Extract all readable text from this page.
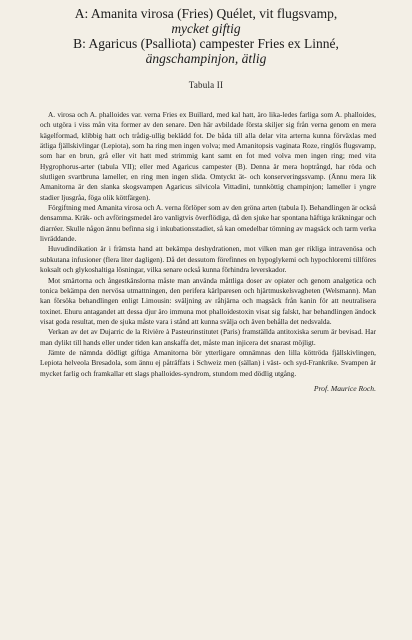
A: Amanita virosa (Fries) Quélet, vit flugsvamp,
mycket giftig
B: Agaricus (Psalliota) campester Fries ex Linné,
ängschampinjon, ätlig
Tabula II

A. virosa och A. phalloides var. verna Fries ex Buillard, med kal hatt, äro lika-ledes farliga som A. phalloides, och utgöra i viss mån vita former av den senare. Den här avbildade första skiljer sig från verna genom en mera kägelformad, klibbig hatt och trådig-ullig beklädd fot. De båda till alla delar vita arterna kunna förväxlas med ätliga fjällskivlingar (Lepiota), som ha ring men ingen volva; med Amanitopsis vaginata Roze, ringlös flugsvamp, som har en brun, grå eller vit hatt med strimmig kant samt en fot med volva men ingen ring; med vita Hygrophorus-arter (tabula VII); eller med Agaricus campester (B). Denna är mera hoptrångd, har röda och slutligen svartbruna lameller, en ring men ingen slida. Omtyckt ät- och konserveringssvamp. (Ännu mera lik Amanitorna är den slanka skogsvampen Agaricus silvicola Vittadini, tunnköttig champinjon; lameller i yngre stadier ljusgråa, föga olik köttfärgen).

Förgiftning med Amanita virosa och A. verna förlöper som av den gröna arten (tabula I). Behandlingen är också densamma. Kräk- och avföringsmedel äro vanligtvis överflödiga, då den sjuke har spontana häftiga kräkningar och diarréer. Skulle någon ännu befinna sig i inkubationsstadiet, så kan omedelbar tömning av magsäck och tarm verka livräddande.

Huvudindikation är i främsta hand att bekämpa deshydrationen, mot vilken man ger rikliga intravenösa och subkutana infusioner (flera liter dagligen). Då det dessutom förefinnes en hypoglykemi och hypochloremi tillföres koksalt och glykoshaltiga lösningar, vilka senare också kunna förhindra leverskador.

Mot smärtorna och ångestkänslorna måste man använda måttliga doser av opiater och genom analgetica och tonica bekämpa den nervösa utmattningen, den perifera kärlparesen och hjärtmuskelsvagheten (Welsmann). Man kan försöka behandlingen enligt Limousin: sväljning av råhjärna och magsäck från kanin för att neutralisera toxinet. Ehuru antagandet att dessa djur äro immuna mot phalloidestoxin visat sig falskt, har behandlingen ändock visat goda resultat, men de sjuka måste vara i stånd att kunna svälja och även behålla det nedsvalda.

Verkan av det av Dujarric de la Rivière à Pasteurinstitutet (Paris) framställda antitoxiska serum är bevisad. Har man dylikt till hands eller under tiden kan anskaffa det, måste man injicera det snarast möjligt.

Jämte de nämnda dödligt giftiga Amanitorna bör ytterligare omnämnas den lilla köttröda fjällskivlingen, Lepiota helveola Bresadola, som ännu ej påträffats i Schweiz men (sällan) i väst- och syd-Frankrike. Svampen är mycket farlig och framkallar ett slags phalloides-syndrom, stundom med dödlig utgång.

Prof. Maurice Roch.
